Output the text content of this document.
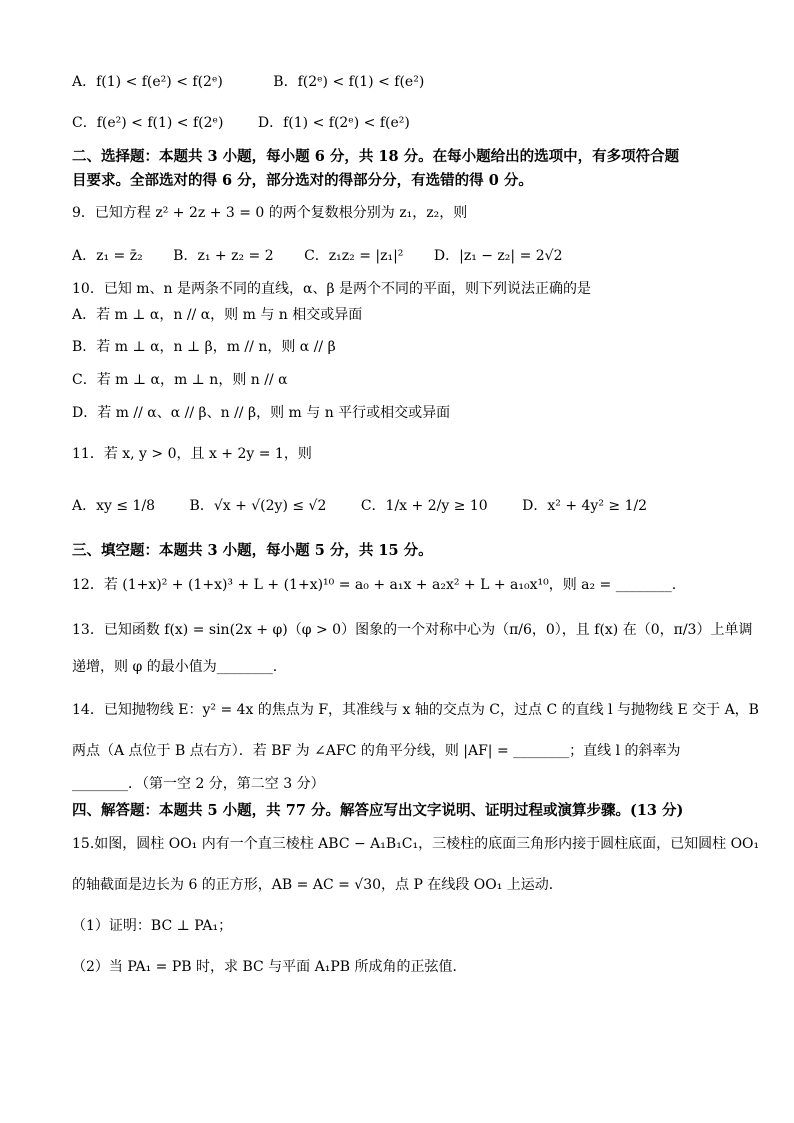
A．f(1) < f(e²) < f(2ᵉ)	B．f(2ᵉ) < f(1) < f(e²)
C．f(e²) < f(1) < f(2ᵉ) D．f(1) < f(2ᵉ) < f(e²)
二、选择题：本题共 3 小题，每小题 6 分，共 18 分。在每小题给出的选项中，有多项符合题
目要求。全部选对的得 6 分，部分选对的得部分分，有选错的得 0 分。
9．已知方程 z² + 2z + 3 = 0 的两个复数根分别为 z₁，z₂，则
A．z₁ = z̄₂ B．z₁ + z₂ = 2 C．z₁z₂ = |z₁|² D．|z₁ − z₂| = 2√2
10．已知 m、n 是两条不同的直线，α、β 是两个不同的平面，则下列说法正确的是
A．若 m ⊥ α，n // α，则 m 与 n 相交或异面
B．若 m ⊥ α，n ⊥ β，m // n，则 α // β
C．若 m ⊥ α，m ⊥ n，则 n // α
D．若 m // α、α // β、n // β，则 m 与 n 平行或相交或异面
11．若 x, y > 0，且 x + 2y = 1，则
A．xy ≤ 1/8 B．√x + √(2y) ≤ √2 C．1/x + 2/y ≥ 10 D．x² + 4y² ≥ 1/2
三、填空题：本题共 3 小题，每小题 5 分，共 15 分。
12．若 (1+x)² + (1+x)³ + L + (1+x)¹⁰ = a₀ + a₁x + a₂x² + L + a₁₀x¹⁰，则 a₂ = ________.
13．已知函数 f(x) = sin(2x + φ)（φ > 0）图象的一个对称中心为（π/6，0），且 f(x) 在（0，π/3）上单调
递增，则 φ 的最小值为________.
14．已知抛物线 E：y² = 4x 的焦点为 F，其准线与 x 轴的交点为 C，过点 C 的直线 l 与抛物线 E 交于 A，B
两点（A 点位于 B 点右方）．若 BF 为 ∠AFC 的角平分线，则 |AF| = ________；直线 l 的斜率为
________．（第一空 2 分，第二空 3 分）
四、解答题：本题共 5 小题，共 77 分。解答应写出文字说明、证明过程或演算步骤。(13 分)
15.如图，圆柱 OO₁ 内有一个直三棱柱 ABC − A₁B₁C₁，三棱柱的底面三角形内接于圆柱底面，已知圆柱 OO₁
的轴截面是边长为 6 的正方形，AB = AC = √30，点 P 在线段 OO₁ 上运动．
（1）证明：BC ⊥ PA₁；
（2）当 PA₁ = PB 时，求 BC 与平面 A₁PB 所成角的正弦值．
